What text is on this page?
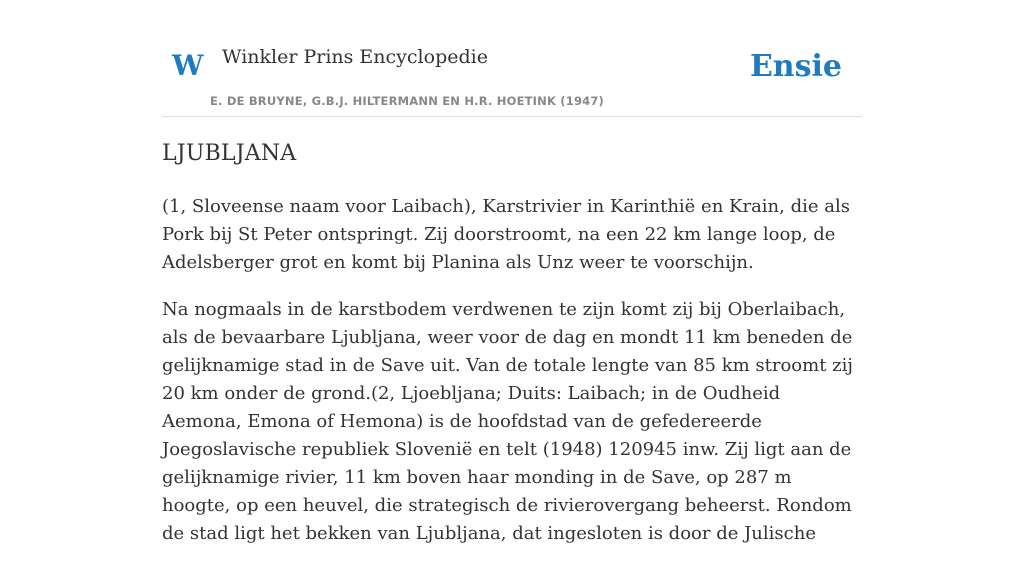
W Winkler Prins Encyclopedie
E. DE BRUYNE, G.B.J. HILTERMANN EN H.R. HOETINK (1947)
Ensie
LJUBLJANA

(1, Sloveense naam voor Laibach), Karstrivier in Karinthië en Krain, die als Pork bij St Peter ontspringt. Zij doorstroomt, na een 22 km lange loop, de Adelsberger grot en komt bij Planina als Unz weer te voorschijn.

Na nogmaals in de karstbodem verdwenen te zijn komt zij bij Oberlaibach, als de bevaarbare Ljubljana, weer voor de dag en mondt 11 km beneden de gelijknamige stad in de Save uit. Van de totale lengte van 85 km stroomt zij 20 km onder de grond.(2, Ljoebljana; Duits: Laibach; in de Oudheid Aemona, Emona of Hemona) is de hoofdstad van de gefedereerde Joegoslavische republiek Slovenië en telt (1948) 120945 inw. Zij ligt aan de gelijknamige rivier, 11 km boven haar monding in de Save, op 287 m hoogte, op een heuvel, die strategisch de rivierovergang beheerst. Rondom de stad ligt het bekken van Ljubljana, dat ingesloten is door de Julische
